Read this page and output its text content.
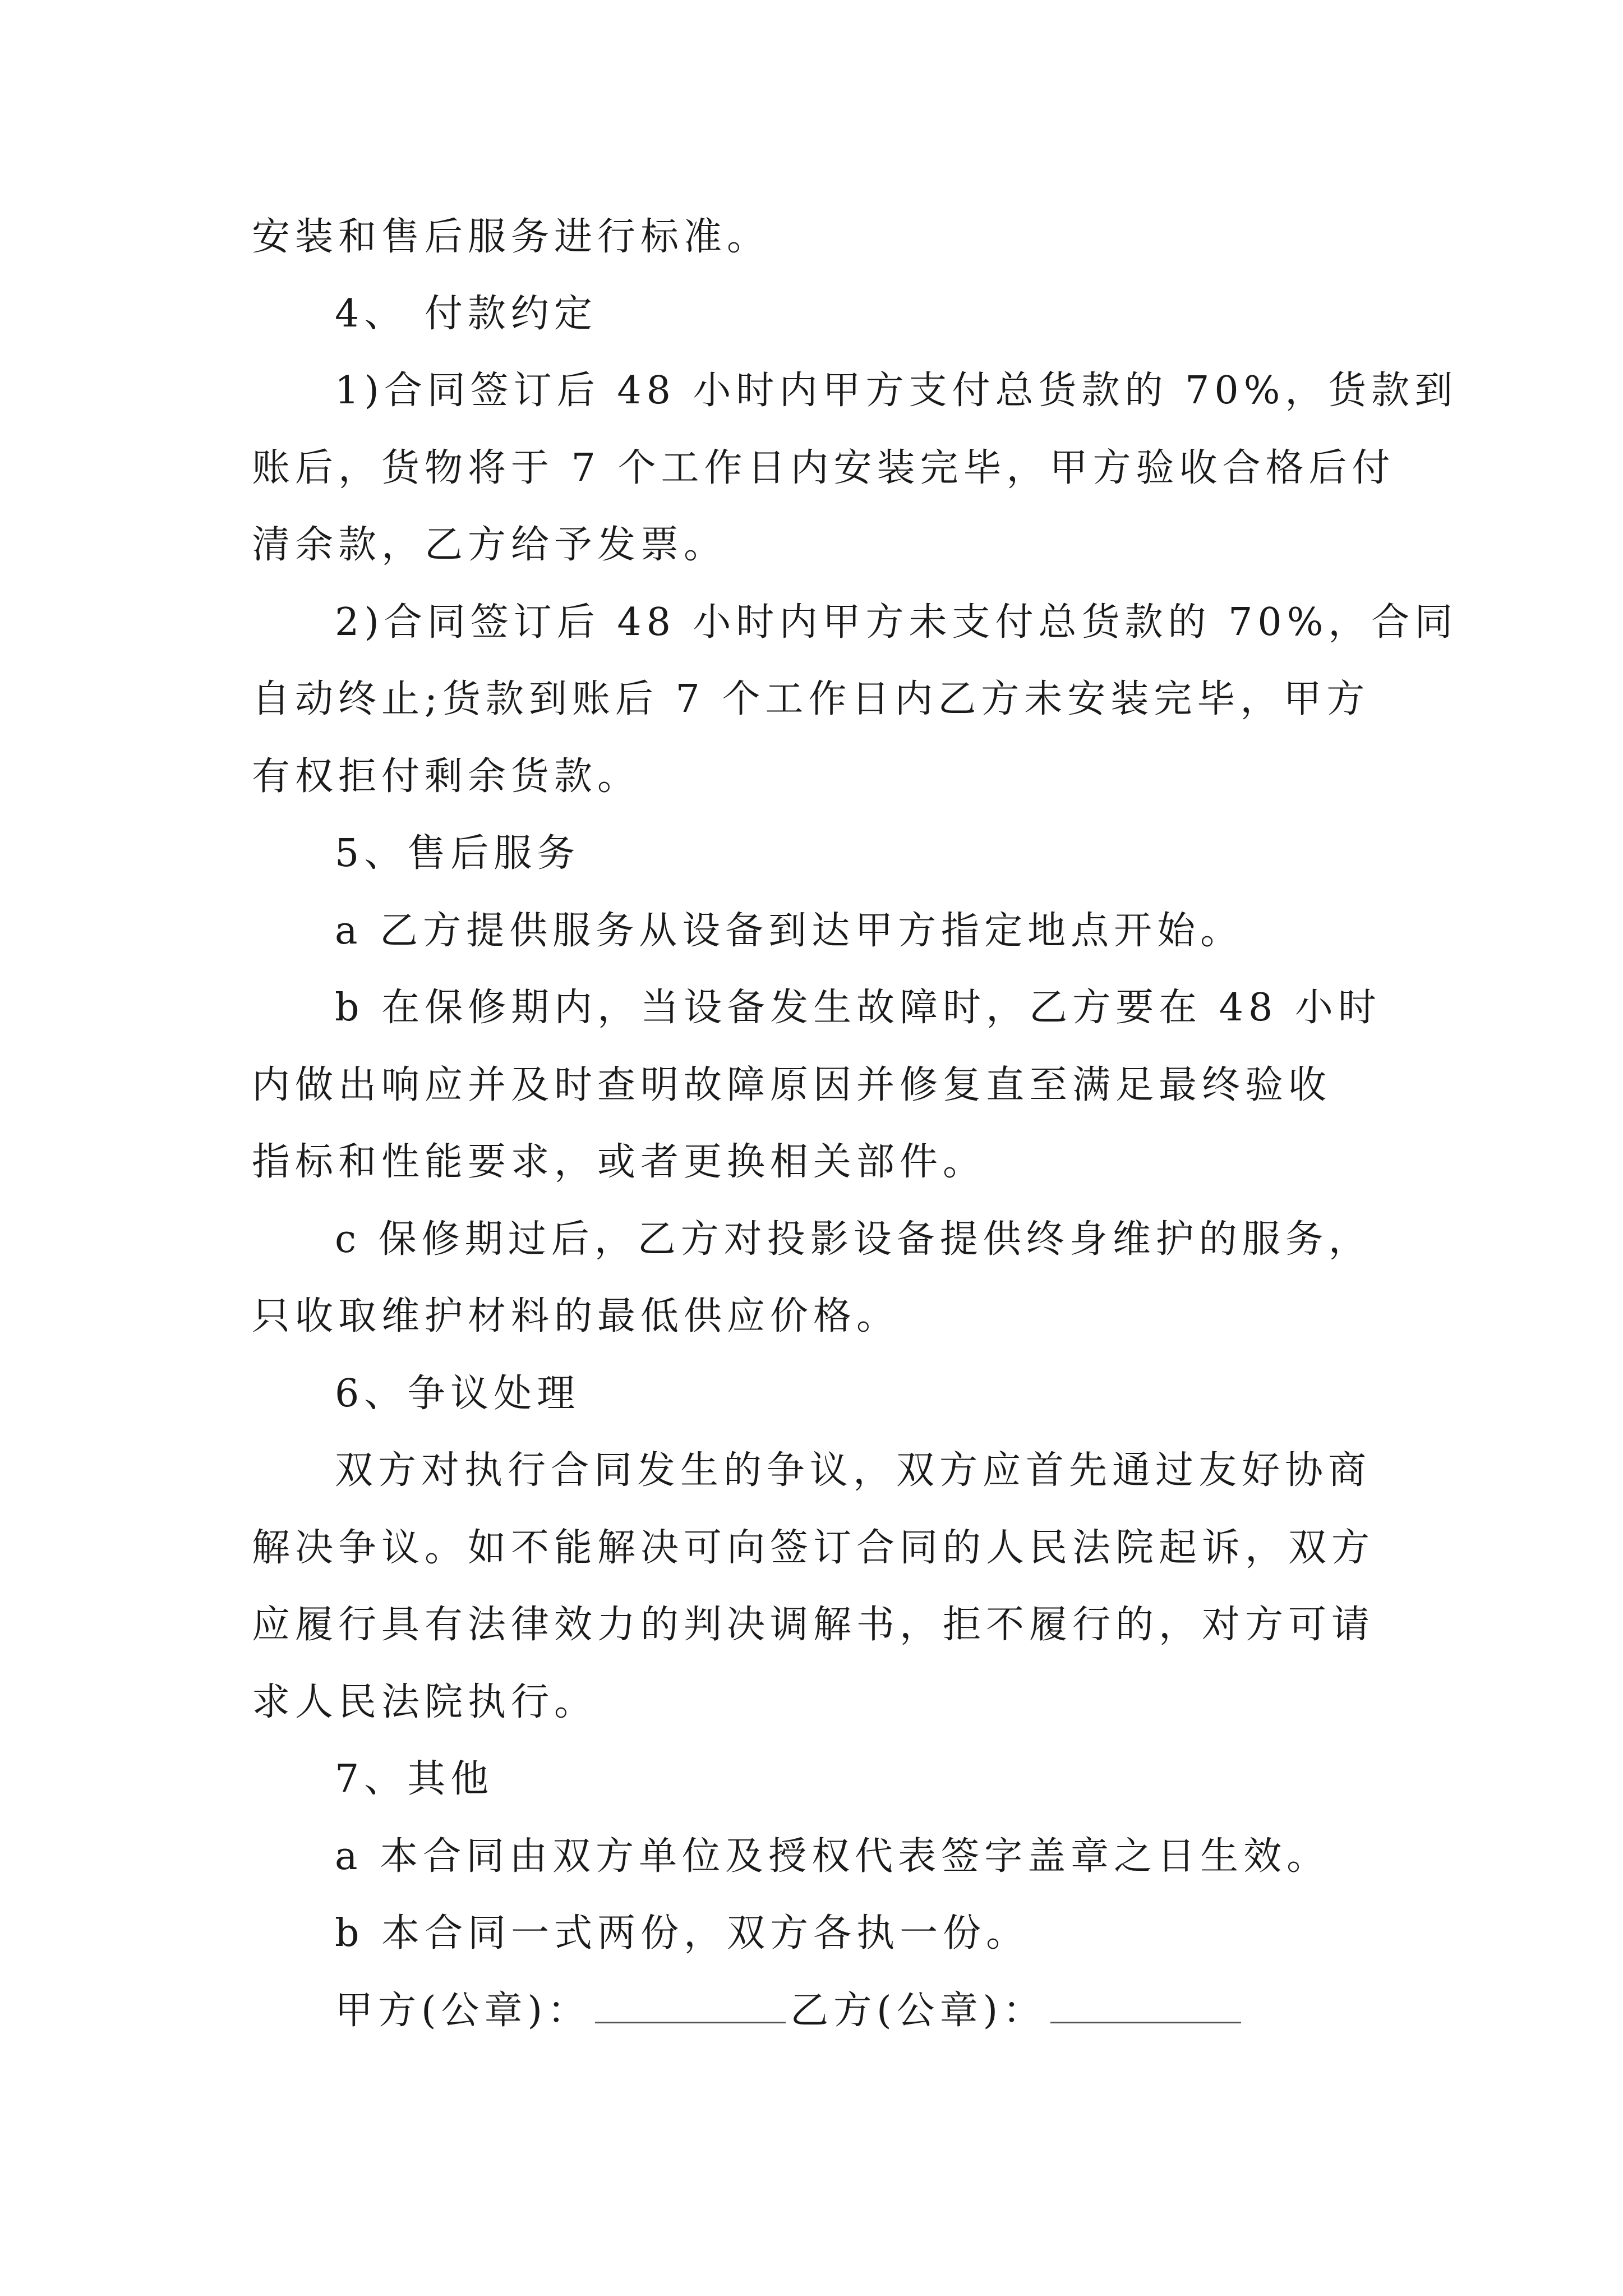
安装和售后服务进行标准。
4、 付款约定
1)合同签订后 48 小时内甲方支付总货款的 70%，货款到
账后，货物将于 7 个工作日内安装完毕，甲方验收合格后付
清余款，乙方给予发票。
2)合同签订后 48 小时内甲方未支付总货款的 70%，合同
自动终止;货款到账后 7 个工作日内乙方未安装完毕，甲方
有权拒付剩余货款。
5、售后服务
a 乙方提供服务从设备到达甲方指定地点开始。
b 在保修期内，当设备发生故障时，乙方要在 48 小时
内做出响应并及时查明故障原因并修复直至满足最终验收
指标和性能要求，或者更换相关部件。
c 保修期过后，乙方对投影设备提供终身维护的服务，
只收取维护材料的最低供应价格。
6、争议处理
双方对执行合同发生的争议，双方应首先通过友好协商
解决争议。如不能解决可向签订合同的人民法院起诉，双方
应履行具有法律效力的判决调解书，拒不履行的，对方可请
求人民法院执行。
7、其他
a 本合同由双方单位及授权代表签字盖章之日生效。
b 本合同一式两份，双方各执一份。
甲方(公章)：	乙方(公章)：
